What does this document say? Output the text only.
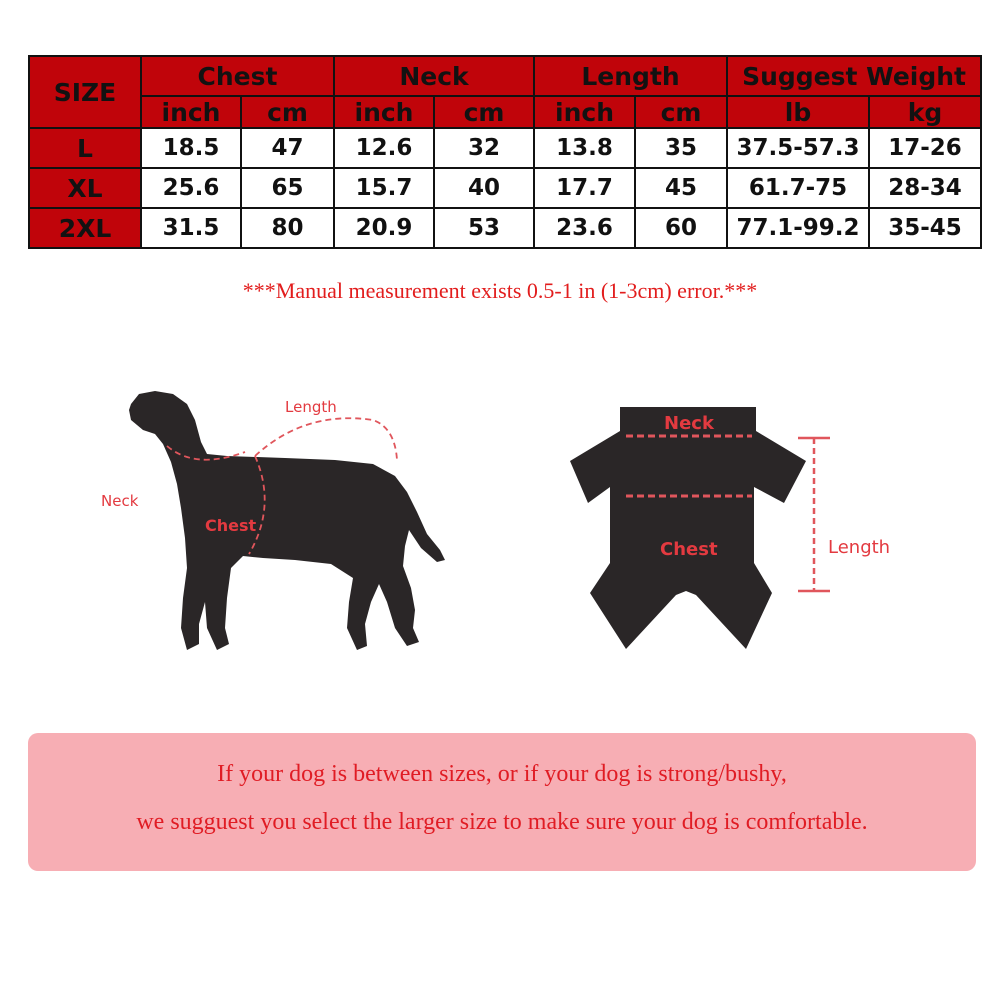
SIZE	Chest		Neck		Length		Suggest Weight	
	inch	cm	inch	cm	inch	cm	lb	kg
L	18.5	47	12.6	32	13.8	35	37.5-57.3	17-26
XL	25.6	65	15.7	40	17.7	45	61.7-75	28-34
2XL	31.5	80	20.9	53	23.6	60	77.1-99.2	35-45
***Manual measurement exists 0.5-1 in (1-3cm) error.***
Length
Neck
Chest
Neck
Chest	Length
If your dog is between sizes, or if your dog is strong/bushy,
we sugguest you select the larger size to make sure your dog is comfortable.
